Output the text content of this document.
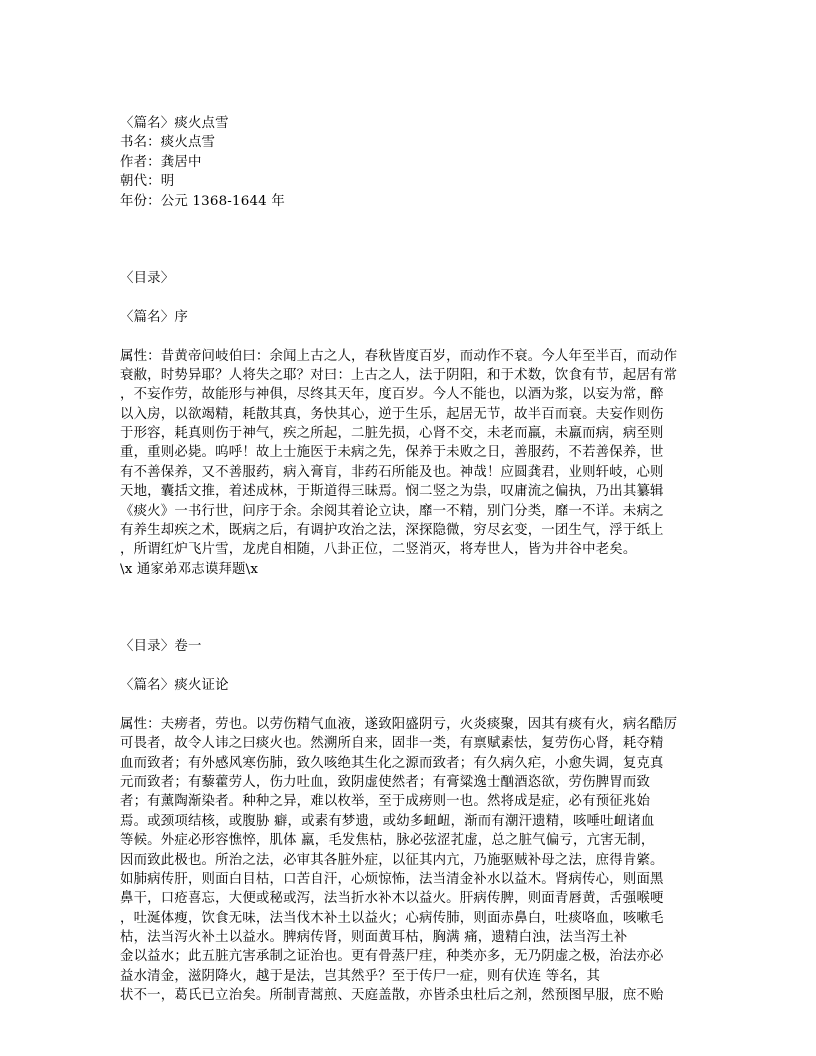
〈篇名〉痰火点雪
书名：痰火点雪
作者：龚居中
朝代：明
年份：公元 1368-1644 年
〈目录〉
〈篇名〉序
属性：昔黄帝问岐伯曰：余闻上古之人，春秋皆度百岁，而动作不衰。今人年至半百，而动作
衰敝，时势异耶？人将失之耶？对曰：上古之人，法于阴阳，和于术数，饮食有节，起居有常
，不妄作劳，故能形与神俱，尽终其天年，度百岁。今人不能也，以酒为浆，以妄为常，醉
以入房，以欲竭精，耗散其真，务快其心，逆于生乐，起居无节，故半百而衰。夫妄作则伤
于形容，耗真则伤于神气，疾之所起，二脏先损，心肾不交，未老而羸，未羸而病，病至则
重，重则必毙。呜呼！故上士施医于未病之先，保养于未败之日，善服药，不若善保养，世
有不善保养，又不善服药，病入膏肓，非药石所能及也。神哉！应圆龚君，业则轩岐，心则
天地，囊括文推，着述成林，于斯道得三昧焉。悯二竖之为祟，叹庸流之偏执，乃出其纂辑
《痰火》一书行世，问序于余。余阅其着论立诀，靡一不精，别门分类，靡一不详。未病之
有养生却疾之术，既病之后，有调护攻治之法，深探隐微，穷尽玄变，一团生气，浮于纸上
，所谓红炉飞片雪，龙虎自相随，八卦正位，二竖消灭，将寿世人，皆为井谷中老矣。
\x 通家弟邓志谟拜题\x
〈目录〉卷一
〈篇名〉痰火证论
属性：夫痨者，劳也。以劳伤精气血液，遂致阳盛阴亏，火炎痰聚，因其有痰有火，病名酷厉
可畏者，故令人讳之曰痰火也。然溯所自来，固非一类，有禀赋素怯，复劳伤心肾，耗夺精
血而致者；有外感风寒伤肺，致久咳绝其生化之源而致者；有久病久疟，小愈失调，复克真
元而致者；有藜藿劳人，伤力吐血，致阴虚使然者；有膏粱逸士酗酒恣欲，劳伤脾胃而致
者；有薰陶渐染者。种种之异，难以枚举，至于成痨则一也。然将成是症，必有预征兆始
焉。或颈项结核，或腹胁 癖，或素有梦遗，或幼多衄衄，渐而有潮汗遗精，咳唾吐衄诸血
等候。外症必形容憔悴，肌体 羸，毛发焦枯，脉必弦涩芤虚，总之脏气偏亏，亢害无制，
因而致此极也。所治之法，必审其各脏外症，以征其内亢，乃施驱贼补母之法，庶得肯綮。
如肺病传肝，则面白目枯，口苦自汗，心烦惊怖，法当清金补水以益木。肾病传心，则面黑
鼻干，口疮喜忘，大便或秘或泻，法当折水补木以益火。肝病传脾，则面青唇黄，舌强喉哽
，吐涎体瘦，饮食无味，法当伐木补土以益火；心病传肺，则面赤鼻白，吐痰咯血，咳嗽毛
枯，法当泻火补土以益水。脾病传肾，则面黄耳枯，胸满 痛，遗精白浊，法当泻土补
金以益水；此五脏亢害承制之证治也。更有骨蒸尸疰，种类亦多，无乃阴虚之极，治法亦必
益水清金，滋阴降火，越于是法，岂其然乎？至于传尸一症，则有伏连 等名，其
状不一，葛氏已立治矣。所制青蒿煎、天庭盖散，亦皆杀虫杜后之剂，然预图早服，庶不贻
